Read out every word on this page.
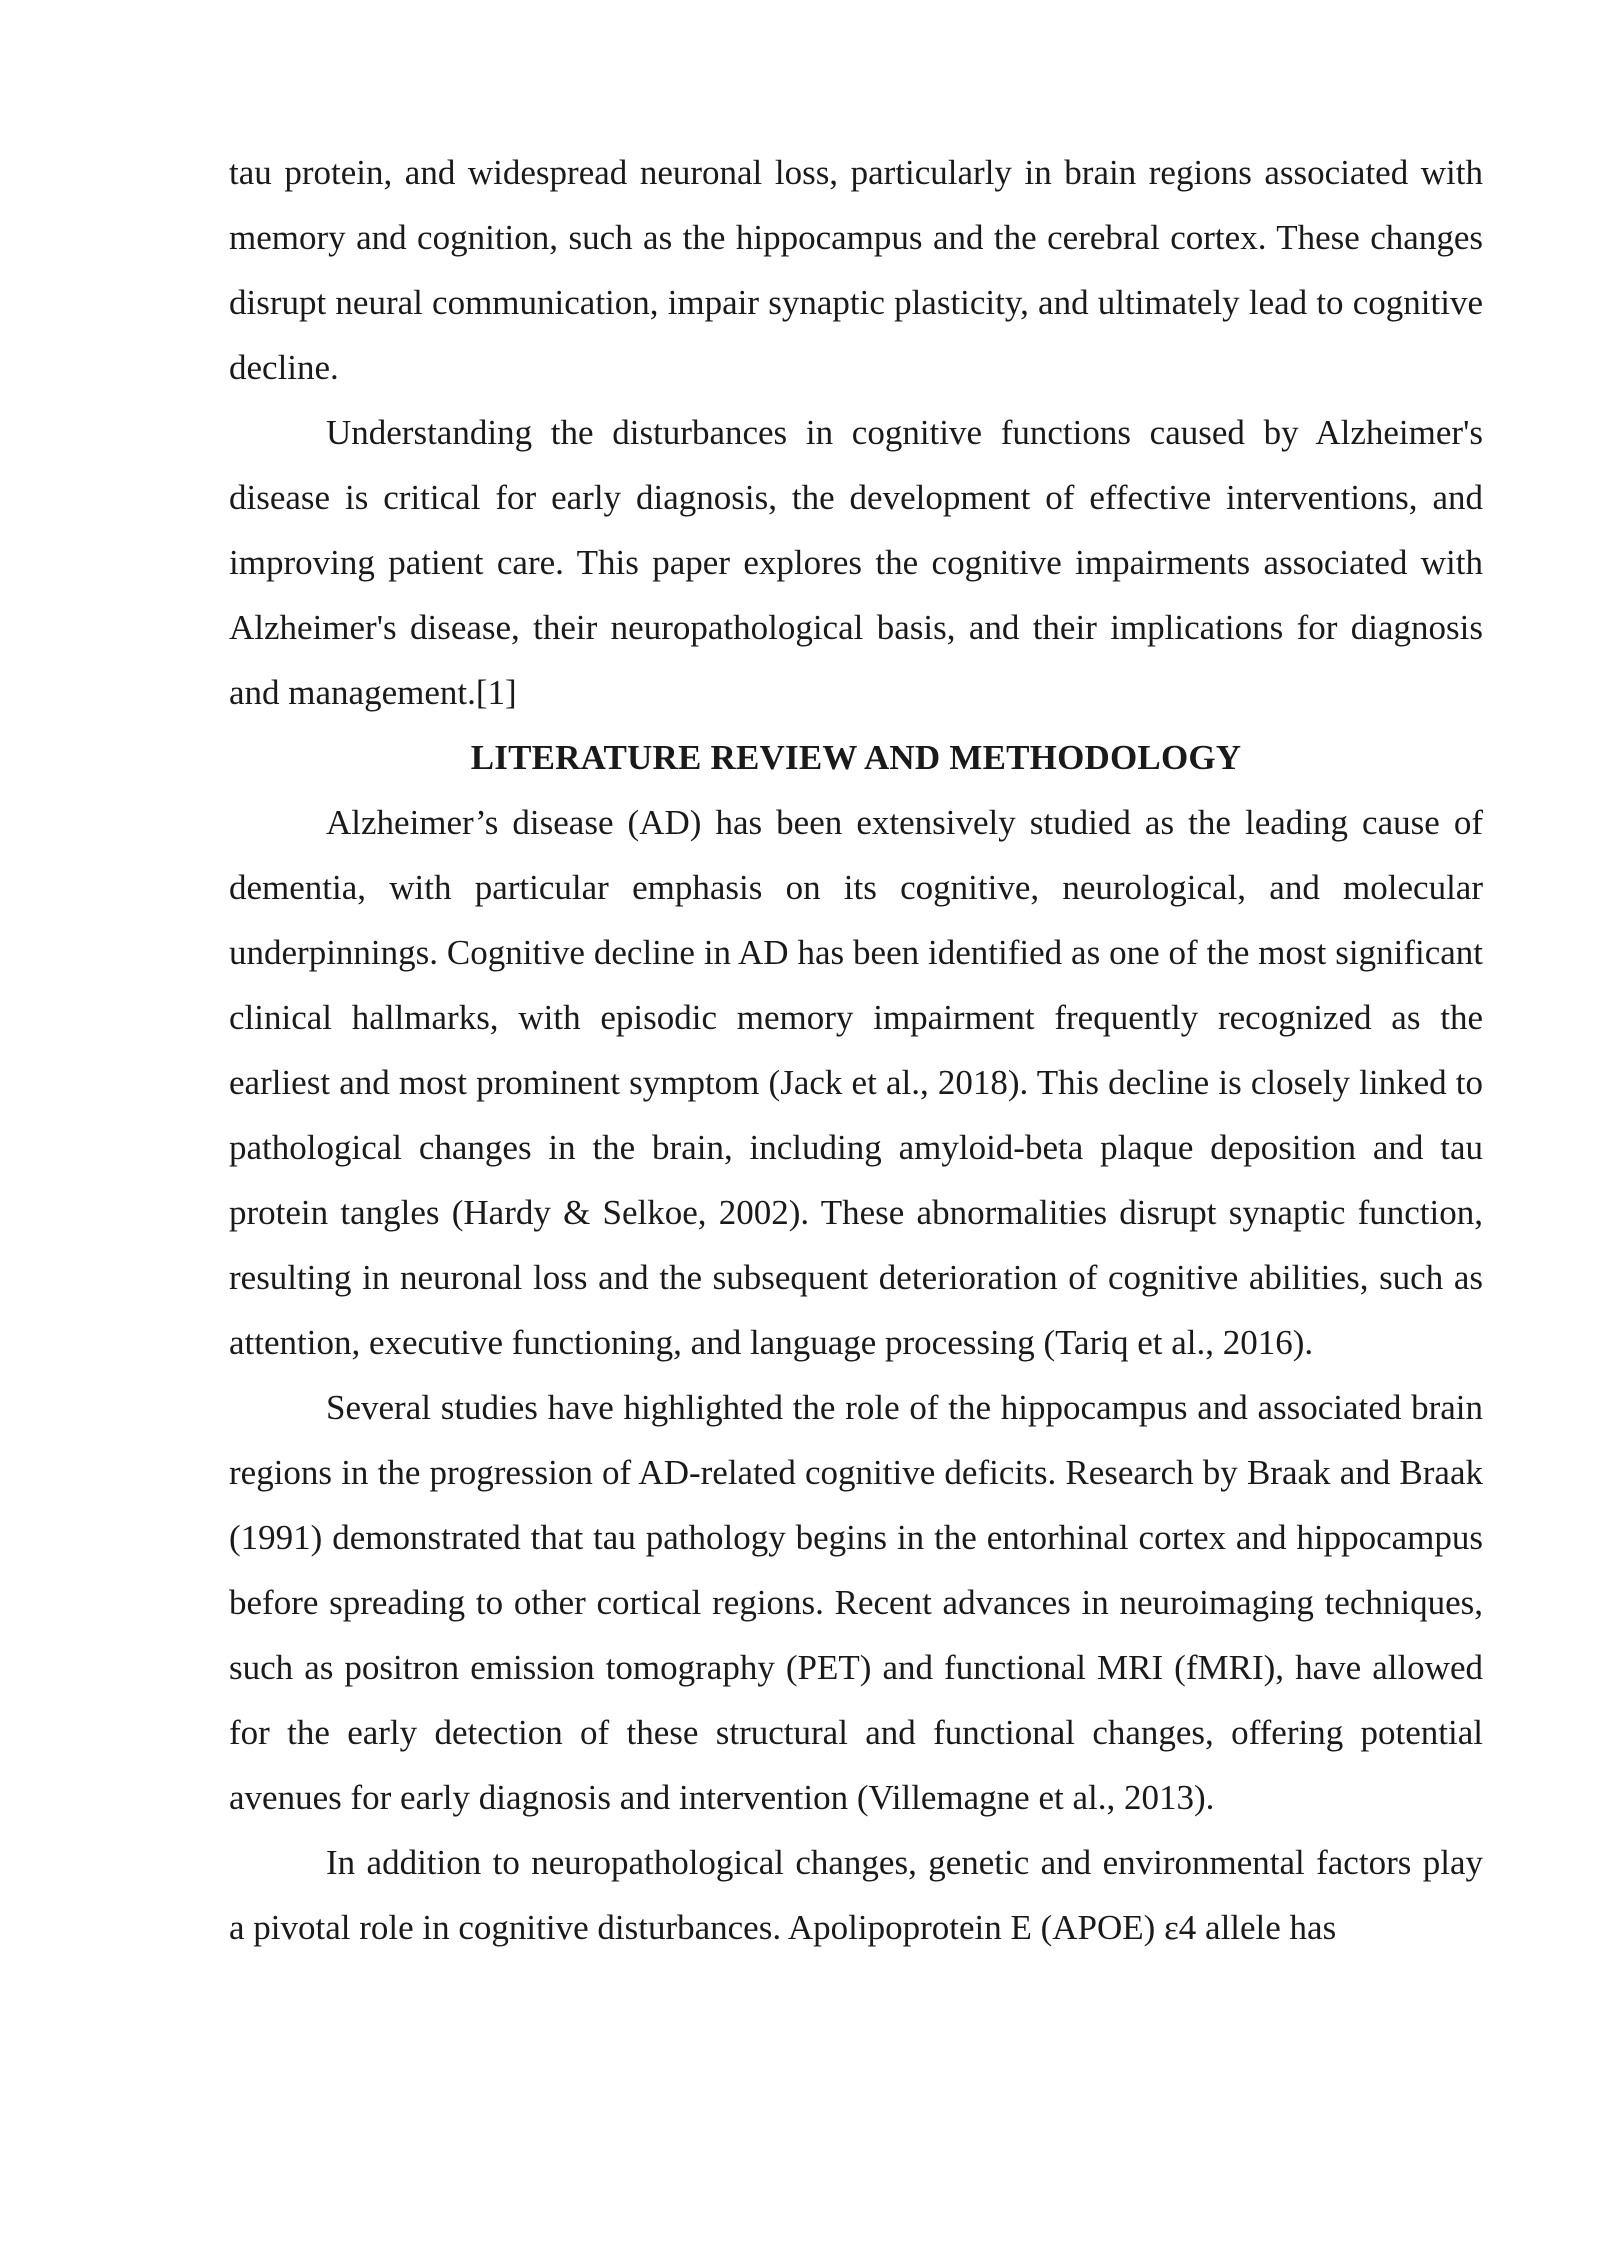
tau protein, and widespread neuronal loss, particularly in brain regions associated with memory and cognition, such as the hippocampus and the cerebral cortex. These changes disrupt neural communication, impair synaptic plasticity, and ultimately lead to cognitive decline.

Understanding the disturbances in cognitive functions caused by Alzheimer's disease is critical for early diagnosis, the development of effective interventions, and improving patient care. This paper explores the cognitive impairments associated with Alzheimer's disease, their neuropathological basis, and their implications for diagnosis and management.[1]

LITERATURE REVIEW AND METHODOLOGY

Alzheimer’s disease (AD) has been extensively studied as the leading cause of dementia, with particular emphasis on its cognitive, neurological, and molecular underpinnings. Cognitive decline in AD has been identified as one of the most significant clinical hallmarks, with episodic memory impairment frequently recognized as the earliest and most prominent symptom (Jack et al., 2018). This decline is closely linked to pathological changes in the brain, including amyloid-beta plaque deposition and tau protein tangles (Hardy & Selkoe, 2002). These abnormalities disrupt synaptic function, resulting in neuronal loss and the subsequent deterioration of cognitive abilities, such as attention, executive functioning, and language processing (Tariq et al., 2016).

Several studies have highlighted the role of the hippocampus and associated brain regions in the progression of AD-related cognitive deficits. Research by Braak and Braak (1991) demonstrated that tau pathology begins in the entorhinal cortex and hippocampus before spreading to other cortical regions. Recent advances in neuroimaging techniques, such as positron emission tomography (PET) and functional MRI (fMRI), have allowed for the early detection of these structural and functional changes, offering potential avenues for early diagnosis and intervention (Villemagne et al., 2013).

In addition to neuropathological changes, genetic and environmental factors play a pivotal role in cognitive disturbances. Apolipoprotein E (APOE) ε4 allele has
